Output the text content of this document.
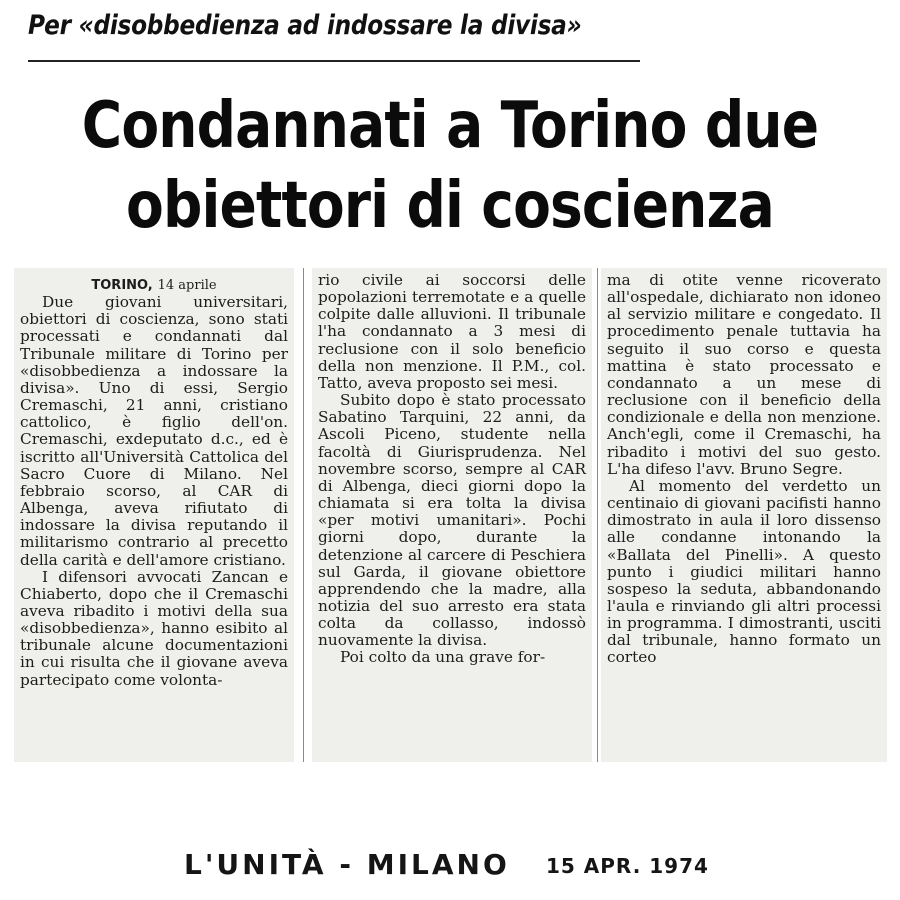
Per «disobbedienza ad indossare la divisa»
Condannati a Torino due
obiettori di coscienza

TORINO, 14 aprile

Due giovani universitari, obiettori di coscienza, sono stati processati e condannati dal Tribunale militare di Torino per «disobbedienza a indossare la divisa». Uno di essi, Sergio Cremaschi, 21 anni, cristiano cattolico, è figlio dell'on. Cremaschi, exdeputato d.c., ed è iscritto all'Università Cattolica del Sacro Cuore di Milano. Nel febbraio scorso, al CAR di Albenga, aveva rifiutato di indossare la divisa reputando il militarismo contrario al precetto della carità e dell'amore cristiano.

I difensori avvocati Zancan e Chiaberto, dopo che il Cremaschi aveva ribadito i motivi della sua «disobbedienza», hanno esibito al tribunale alcune documentazioni in cui risulta che il giovane aveva partecipato come volonta-

rio civile ai soccorsi delle popolazioni terremotate e a quelle colpite dalle alluvioni. Il tribunale l'ha condannato a 3 mesi di reclusione con il solo beneficio della non menzione. Il P.M., col. Tatto, aveva proposto sei mesi.

Subito dopo è stato processato Sabatino Tarquini, 22 anni, da Ascoli Piceno, studente nella facoltà di Giurisprudenza. Nel novembre scorso, sempre al CAR di Albenga, dieci giorni dopo la chiamata si era tolta la divisa «per motivi umanitari». Pochi giorni dopo, durante la detenzione al carcere di Peschiera sul Garda, il giovane obiettore apprendendo che la madre, alla notizia del suo arresto era stata colta da collasso, indossò nuovamente la divisa.

Poi colto da una grave for-

ma di otite venne ricoverato all'ospedale, dichiarato non idoneo al servizio militare e congedato. Il procedimento penale tuttavia ha seguito il suo corso e questa mattina è stato processato e condannato a un mese di reclusione con il beneficio della condizionale e della non menzione. Anch'egli, come il Cremaschi, ha ribadito i motivi del suo gesto. L'ha difeso l'avv. Bruno Segre.

Al momento del verdetto un centinaio di giovani pacifisti hanno dimostrato in aula il loro dissenso alle condanne intonando la «Ballata del Pinelli». A questo punto i giudici militari hanno sospeso la seduta, abbandonando l'aula e rinviando gli altri processi in programma. I dimostranti, usciti dal tribunale, hanno formato un corteo

L'UNITÀ - MILANO 15 APR. 1974
